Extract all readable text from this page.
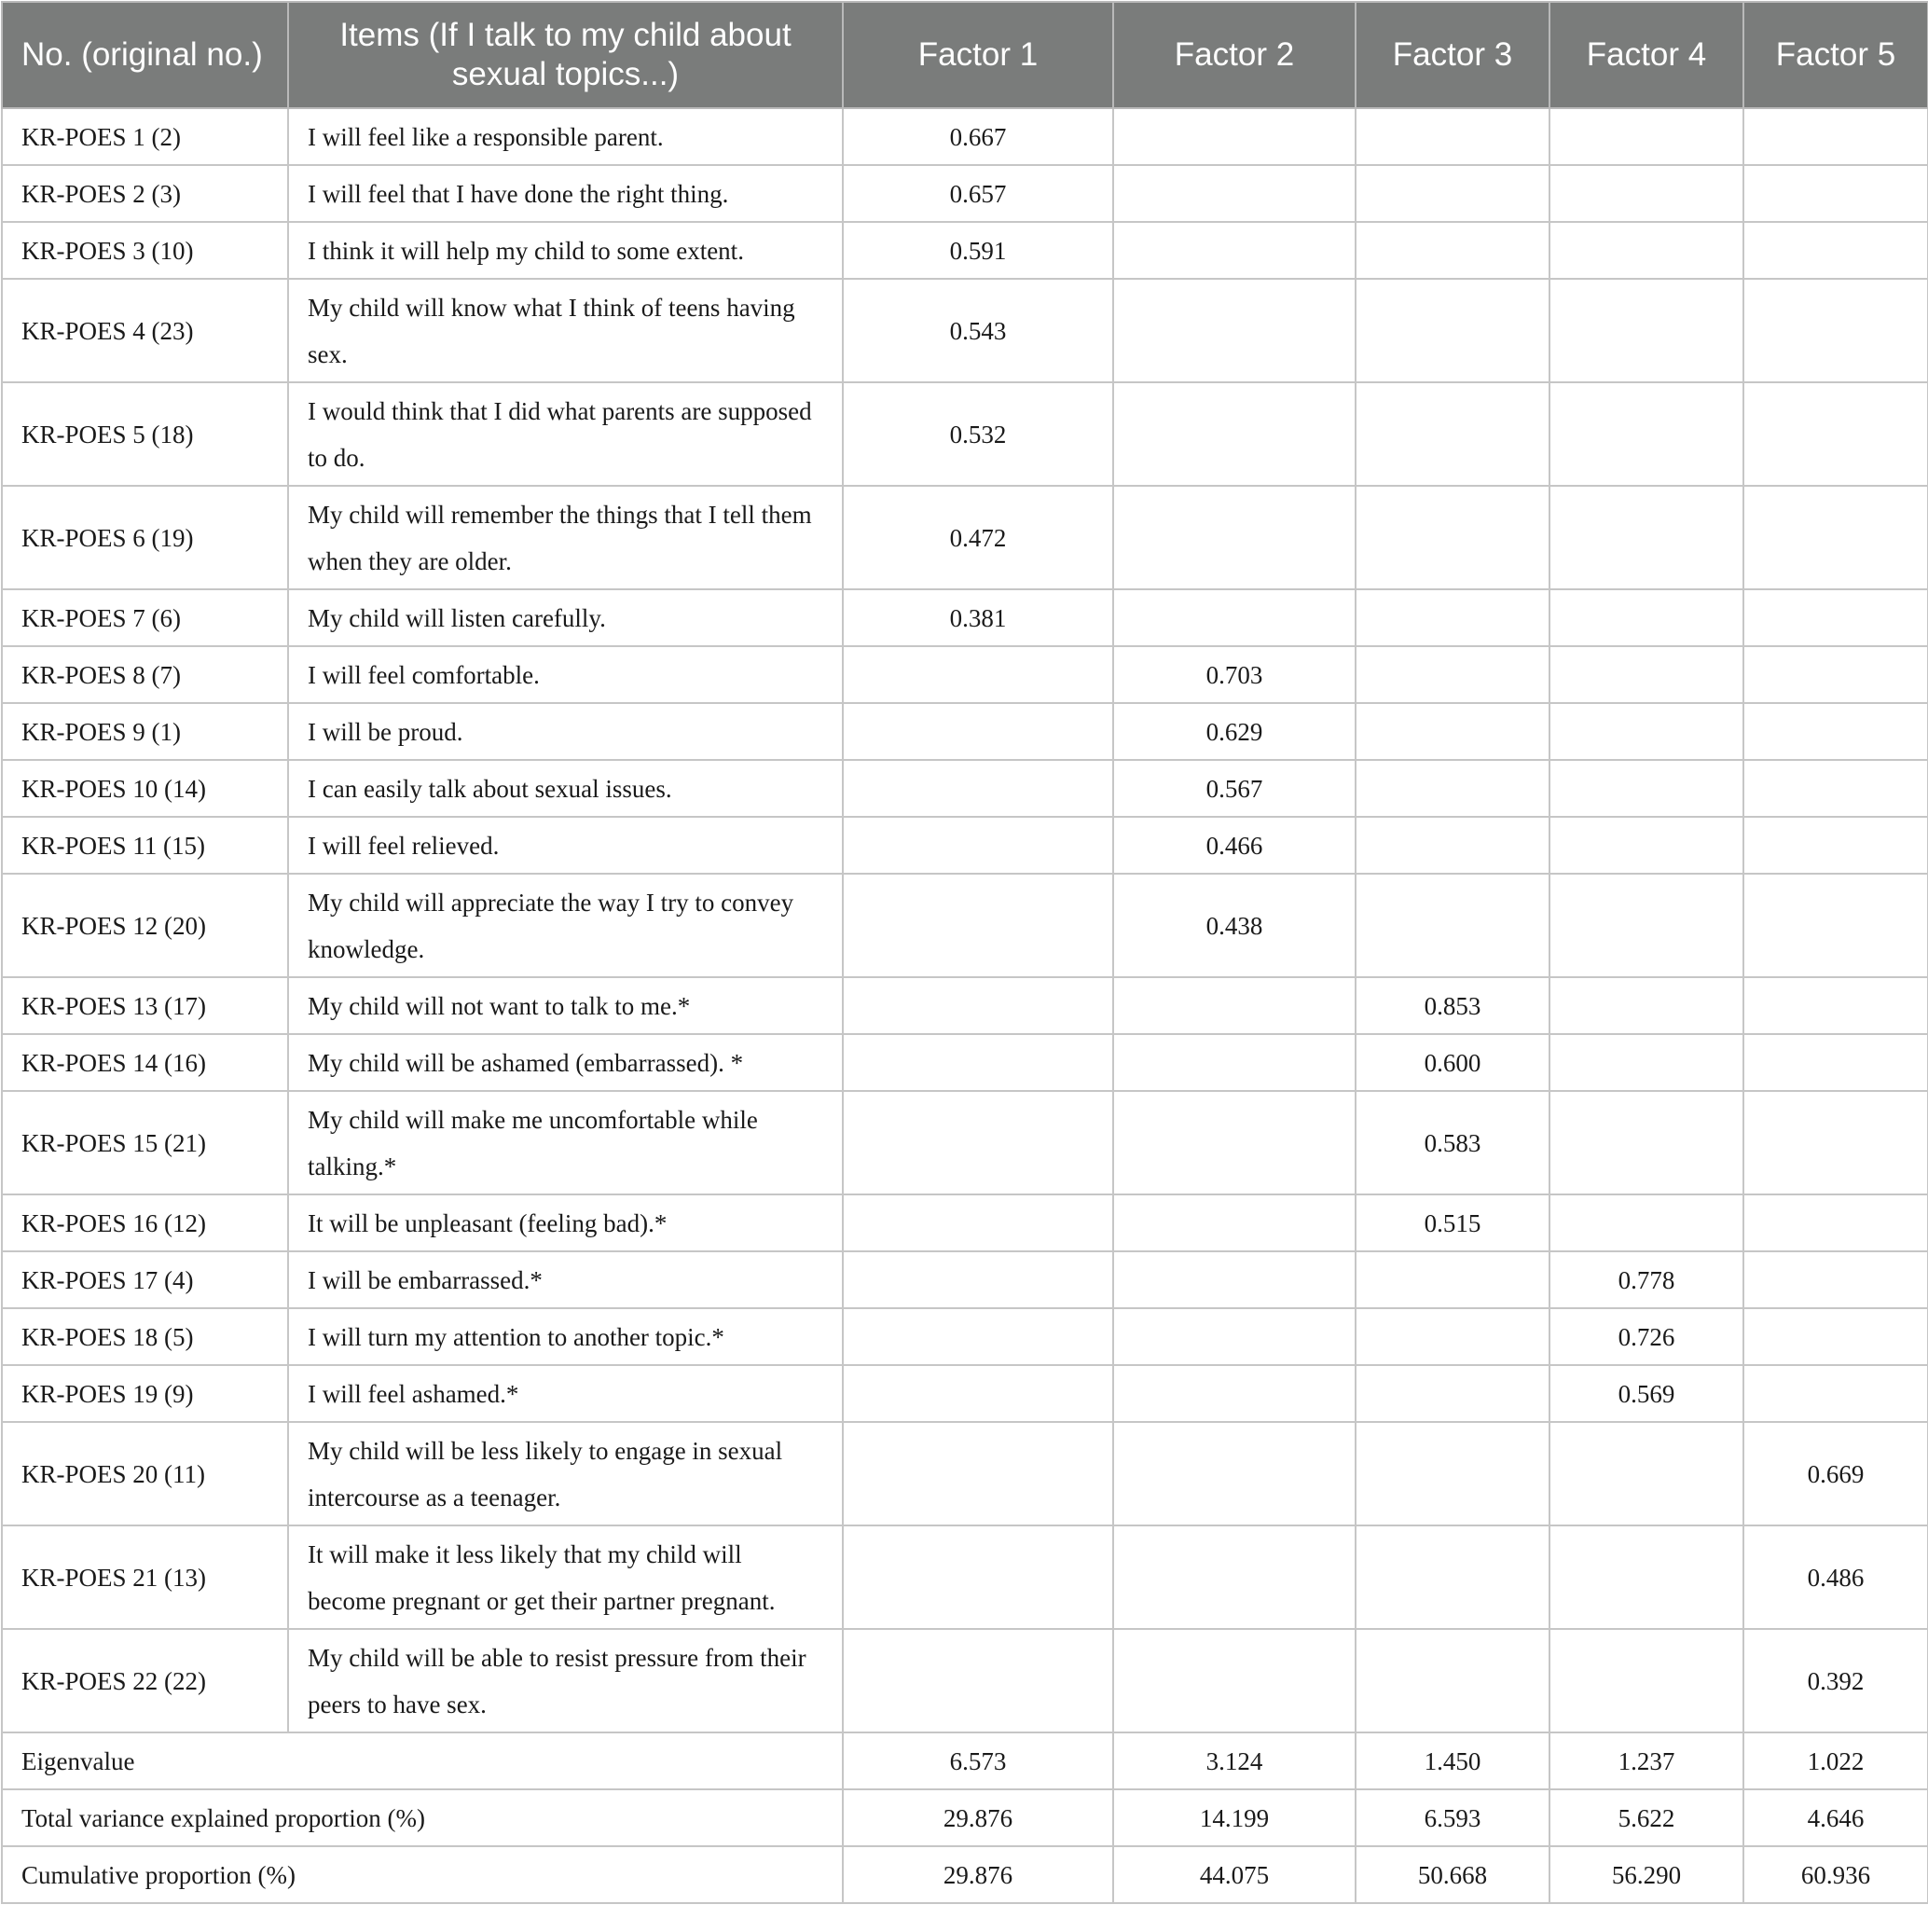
No. (original no.)	Items (If I talk to my child about sexual topics...)	Factor 1	Factor 2	Factor 3	Factor 4	Factor 5
KR-POES 1 (2)	I will feel like a responsible parent.	0.667				
KR-POES 2 (3)	I will feel that I have done the right thing.	0.657				
KR-POES 3 (10)	I think it will help my child to some extent.	0.591				
KR-POES 4 (23)	My child will know what I think of teens having sex.	0.543				
KR-POES 5 (18)	I would think that I did what parents are supposed to do.	0.532				
KR-POES 6 (19)	My child will remember the things that I tell them when they are older.	0.472				
KR-POES 7 (6)	My child will listen carefully.	0.381				
KR-POES 8 (7)	I will feel comfortable.		0.703			
KR-POES 9 (1)	I will be proud.		0.629			
KR-POES 10 (14)	I can easily talk about sexual issues.		0.567			
KR-POES 11 (15)	I will feel relieved.		0.466			
KR-POES 12 (20)	My child will appreciate the way I try to convey knowledge.		0.438			
KR-POES 13 (17)	My child will not want to talk to me.*			0.853		
KR-POES 14 (16)	My child will be ashamed (embarrassed). *			0.600		
KR-POES 15 (21)	My child will make me uncomfortable while talking.*			0.583		
KR-POES 16 (12)	It will be unpleasant (feeling bad).*			0.515		
KR-POES 17 (4)	I will be embarrassed.*				0.778	
KR-POES 18 (5)	I will turn my attention to another topic.*				0.726	
KR-POES 19 (9)	I will feel ashamed.*				0.569	
KR-POES 20 (11)	My child will be less likely to engage in sexual intercourse as a teenager.					0.669
KR-POES 21 (13)	It will make it less likely that my child will become pregnant or get their partner pregnant.					0.486
KR-POES 22 (22)	My child will be able to resist pressure from their peers to have sex.					0.392
Eigenvalue		6.573	3.124	1.450	1.237	1.022
Total variance explained proportion (%)		29.876	14.199	6.593	5.622	4.646
Cumulative proportion (%)		29.876	44.075	50.668	56.290	60.936
